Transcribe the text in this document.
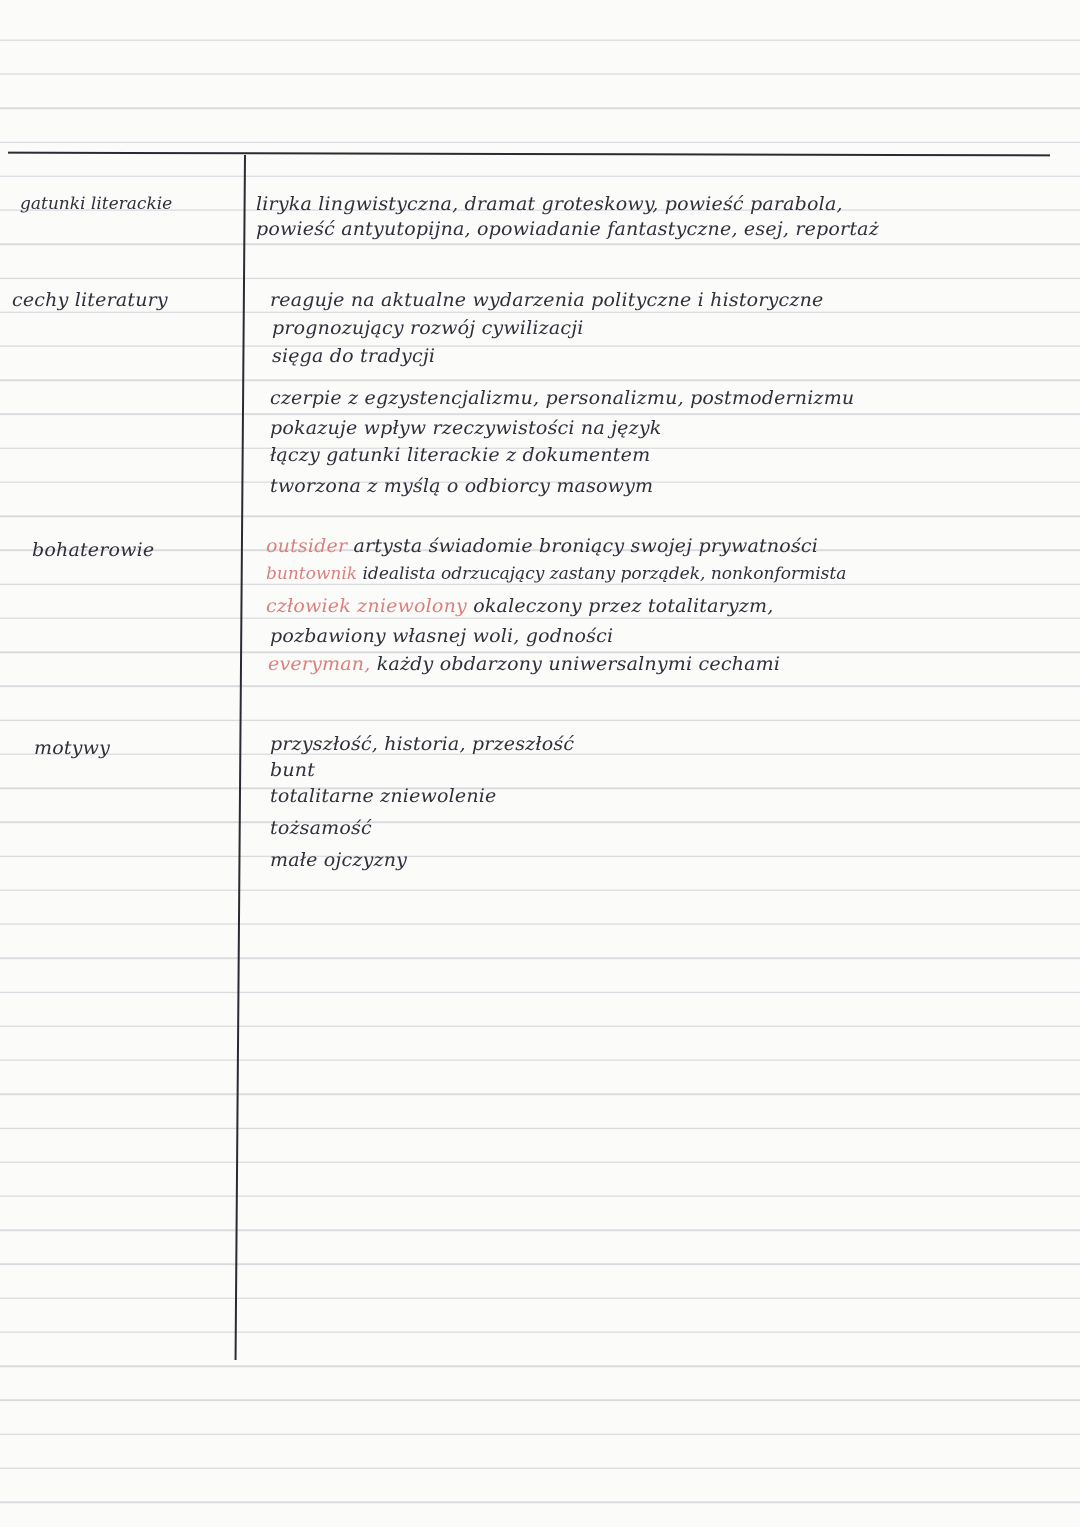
gatunki literackie	liryka lingwistyczna, dramat groteskowy, powieść parabola,
powieść antyutopijna, opowiadanie fantastyczne, esej, reportaż
cechy literatury	reaguje na aktualne wydarzenia polityczne i historyczne
prognozujący rozwój cywilizacji
sięga do tradycji
czerpie z egzystencjalizmu, personalizmu, postmodernizmu
pokazuje wpływ rzeczywistości na język
łączy gatunki literackie z dokumentem
tworzona z myślą o odbiorcy masowym
bohaterowie	outsider artysta świadomie broniący swojej prywatności
buntownik idealista odrzucający zastany porządek, nonkonformista
człowiek zniewolony okaleczony przez totalitaryzm,
pozbawiony własnej woli, godności
everyman, każdy obdarzony uniwersalnymi cechami
motywy	przyszłość, historia, przeszłość
bunt
totalitarne zniewolenie
tożsamość
małe ojczyzny
